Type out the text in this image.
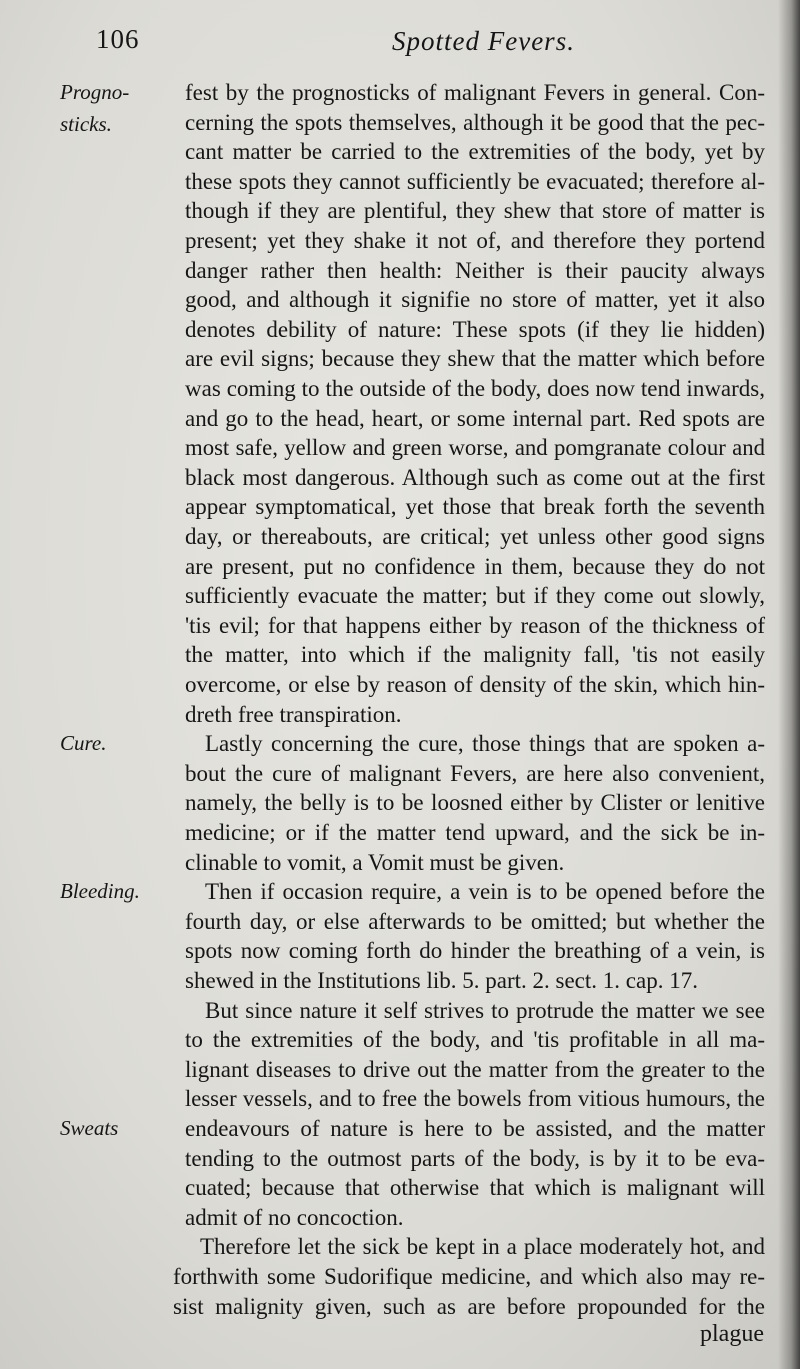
106	Spotted Fevers.
Progno-
sticks.
Cure.
Bleeding.
Sweats
fest by the prognosticks of malignant Fevers in general. Con-
cerning the spots themselves, although it be good that the pec-
cant matter be carried to the extremities of the body, yet by
these spots they cannot sufficiently be evacuated; therefore al-
though if they are plentiful, they shew that store of matter is
present; yet they shake it not of, and therefore they portend
danger rather then health: Neither is their paucity always
good, and although it signifie no store of matter, yet it also
denotes debility of nature: These spots (if they lie hidden)
are evil signs; because they shew that the matter which before
was coming to the outside of the body, does now tend inwards,
and go to the head, heart, or some internal part. Red spots are
most safe, yellow and green worse, and pomgranate colour and
black most dangerous. Although such as come out at the first
appear symptomatical, yet those that break forth the seventh
day, or thereabouts, are critical; yet unless other good signs
are present, put no confidence in them, because they do not
sufficiently evacuate the matter; but if they come out slowly,
'tis evil; for that happens either by reason of the thickness of
the matter, into which if the malignity fall, 'tis not easily
overcome, or else by reason of density of the skin, which hin-
dreth free transpiration.
Lastly concerning the cure, those things that are spoken a-
bout the cure of malignant Fevers, are here also convenient,
namely, the belly is to be loosned either by Clister or lenitive
medicine; or if the matter tend upward, and the sick be in-
clinable to vomit, a Vomit must be given.
Then if occasion require, a vein is to be opened before the
fourth day, or else afterwards to be omitted; but whether the
spots now coming forth do hinder the breathing of a vein, is
shewed in the Institutions lib. 5. part. 2. sect. 1. cap. 17.
But since nature it self strives to protrude the matter we see
to the extremities of the body, and 'tis profitable in all ma-
lignant diseases to drive out the matter from the greater to the
lesser vessels, and to free the bowels from vitious humours, the
endeavours of nature is here to be assisted, and the matter
tending to the outmost parts of the body, is by it to be eva-
cuated; because that otherwise that which is malignant will
admit of no concoction.
Therefore let the sick be kept in a place moderately hot, and
forthwith some Sudorifique medicine, and which also may re-
sist malignity given, such as are before propounded for the
plague
